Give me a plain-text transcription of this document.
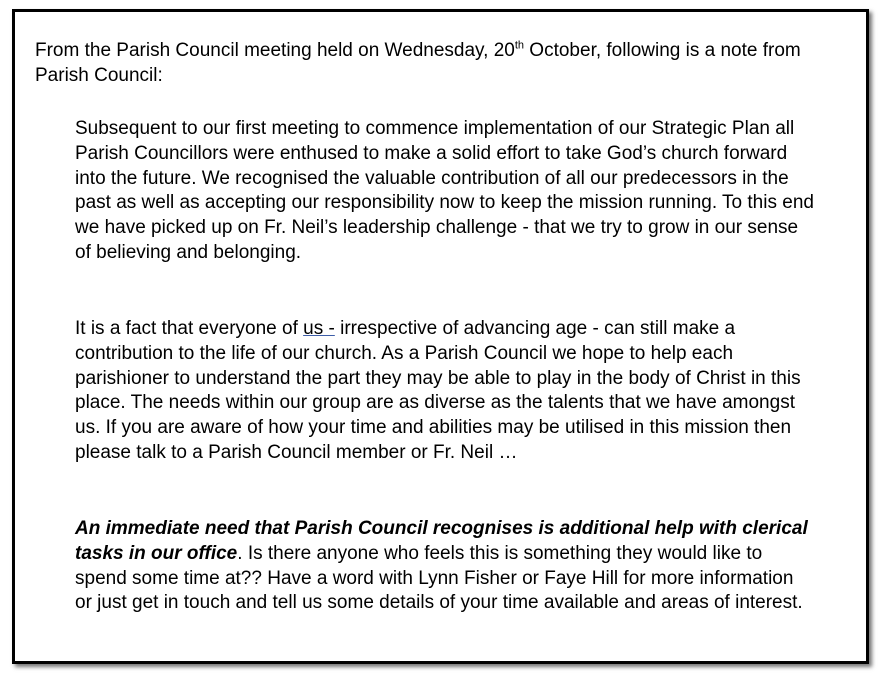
From the Parish Council meeting held on Wednesday, 20th October, following is a note from Parish Council:

Subsequent to our first meeting to commence implementation of our Strategic Plan all Parish Councillors were enthused to make a solid effort to take God’s church forward into the future. We recognised the valuable contribution of all our predecessors in the past as well as accepting our responsibility now to keep the mission running. To this end we have picked up on Fr. Neil’s leadership challenge - that we try to grow in our sense of believing and belonging.

It is a fact that everyone of us - irrespective of advancing age - can still make a contribution to the life of our church. As a Parish Council we hope to help each parishioner to understand the part they may be able to play in the body of Christ in this place. The needs within our group are as diverse as the talents that we have amongst us. If you are aware of how your time and abilities may be utilised in this mission then please talk to a Parish Council member or Fr. Neil …

An immediate need that Parish Council recognises is additional help with clerical tasks in our office. Is there anyone who feels this is something they would like to spend some time at?? Have a word with Lynn Fisher or Faye Hill for more information or just get in touch and tell us some details of your time available and areas of interest.
